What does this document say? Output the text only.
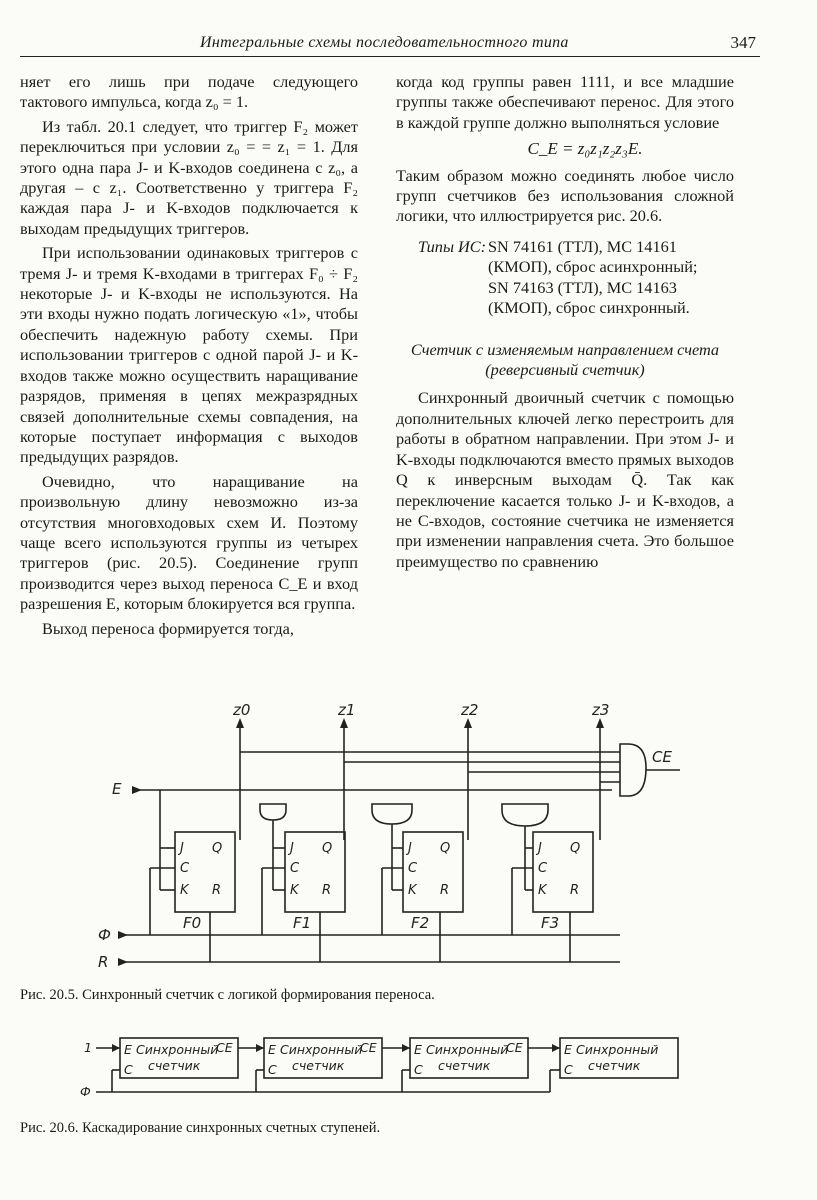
Интегральные схемы последовательностного типа	347

няет его лишь при подаче следующего тактового импульса, когда z₀ = 1.

Из табл. 20.1 следует, что триггер F₂ может переключиться при условии z₀ = = z₁ = 1. Для этого одна пара J- и K-входов соединена с z₀, а другая – с z₁. Соответственно у триггера F₂ каждая пара J- и K-входов подключается к выходам предыдущих триггеров.

При использовании одинаковых триггеров с тремя J- и тремя K-входами в триггерах F₀ ÷ F₂ некоторые J- и K-входы не используются. На эти входы нужно подать логическую «1», чтобы обеспечить надежную работу схемы. При использовании триггеров с одной парой J- и K-входов также можно осуществить наращивание разрядов, применяя в цепях межразрядных связей дополнительные схемы совпадения, на которые поступает информация с выходов предыдущих разрядов.

Очевидно, что наращивание на произвольную длину невозможно из-за отсутствия многовходовых схем И. Поэтому чаще всего используются группы из четырех триггеров (рис. 20.5). Соединение групп производится через выход переноса C_E и вход разрешения E, которым блокируется вся группа.

Выход переноса формируется тогда,

когда код группы равен 1111, и все младшие группы также обеспечивают перенос. Для этого в каждой группе должно выполняться условие

C_E = z₀z₁z₂z₃E.

Таким образом можно соединять любое число групп счетчиков без использования сложной логики, что иллюстрируется рис. 20.6.

Типы ИС: SN 74161 (ТТЛ), МС 14161 (КМОП), сброс асинхронный;
SN 74163 (ТТЛ), МС 14163 (КМОП), сброс синхронный.
Счетчик с изменяемым направлением счета
(реверсивный счетчик)

Синхронный двоичный счетчик с помощью дополнительных ключей легко перестроить для работы в обратном направлении. При этом J- и K-входы подключаются вместо прямых выходов Q к инверсным выходам Q̄. Так как переключение касается только J- и K-входов, а не C-входов, состояние счетчика не изменяется при изменении направления счета. Это большое преимущество по сравнению

z0	z1	z2	z3
E
Ф
R
CE
F0	F1	F2	F3
J
C
K
Q
R
J
C
K
Q
R
J
C
K
Q
R
J
C
K
Q
R
Рис. 20.5. Синхронный счетчик с логикой формирования переноса.
1
Ф
E Синхронный
CE
C счетчик
E Синхронный
CE
C счетчик
E Синхронный
CE
C счетчик
E Синхронный
C счетчик
Рис. 20.6. Каскадирование синхронных счетных ступеней.
